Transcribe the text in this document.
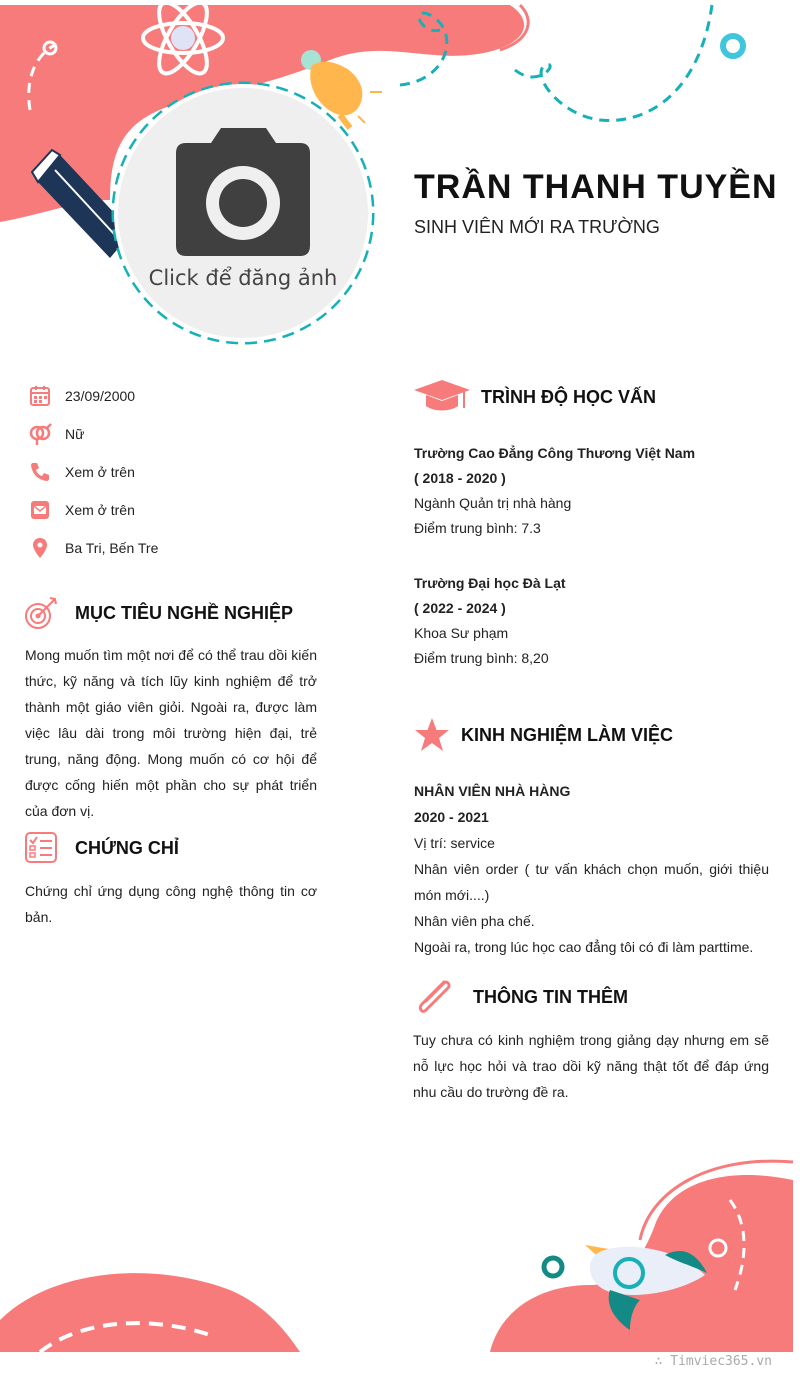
Click để đăng ảnh
TRẦN THANH TUYỀN
SINH VIÊN MỚI RA TRƯỜNG
23/09/2000
Nữ
Xem ở trên
Xem ở trên
Ba Tri, Bến Tre
MỤC TIÊU NGHỀ NGHIỆP
Mong muốn tìm một nơi để có thể trau dồi kiến thức, kỹ năng và tích lũy kinh nghiệm để trở thành một giáo viên giỏi. Ngoài ra, được làm việc lâu dài trong môi trường hiện đại, trẻ trung, năng động. Mong muốn có cơ hội để được cống hiến một phần cho sự phát triển của đơn vị.
CHỨNG CHỈ
Chứng chỉ ứng dụng công nghệ thông tin cơ bản.
TRÌNH ĐỘ HỌC VẤN
Trường Cao Đẳng Công Thương Việt Nam
( 2018 - 2020 )
Ngành Quản trị nhà hàng
Điểm trung bình: 7.3
Trường Đại học Đà Lạt
( 2022 - 2024 )
Khoa Sư phạm
Điểm trung bình: 8,20
KINH NGHIỆM LÀM VIỆC
NHÂN VIÊN NHÀ HÀNG
2020 - 2021
Vị trí: service
Nhân viên order ( tư vấn khách chọn muốn, giới thiệu món mới....)
Nhân viên pha chế.
Ngoài ra, trong lúc học cao đẳng tôi có đi làm parttime.
THÔNG TIN THÊM
Tuy chưa có kinh nghiệm trong giảng dạy nhưng em sẽ nỗ lực học hỏi và trao dồi kỹ năng thật tốt để đáp ứng nhu cầu do trường đề ra.
∴ Timviec365.vn
